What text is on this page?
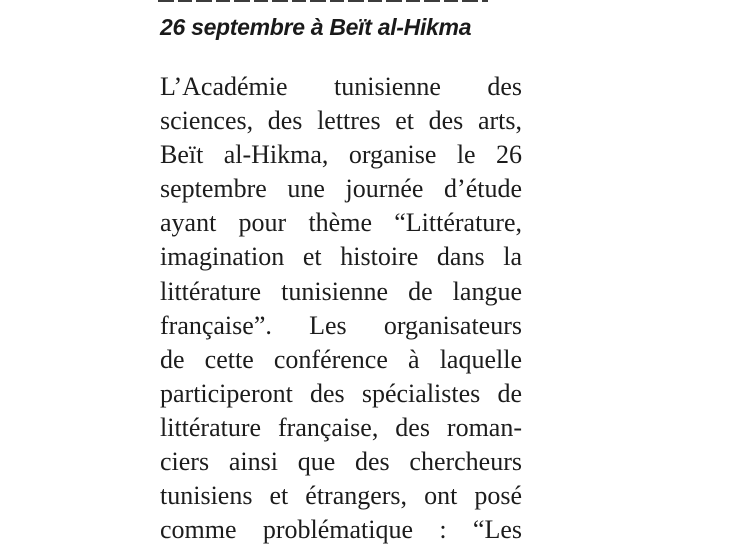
26 septembre à Beït al-Hikma
L’Académie tunisienne des
sciences, des lettres et des arts,
Beït al-Hikma, organise le 26
septembre une journée d’étude
ayant pour thème “Littérature,
imagination et histoire dans la
littérature tunisienne de langue
française”. Les organisateurs
de cette conférence à laquelle
participeront des spécialistes de
littérature française, des roman-
ciers ainsi que des chercheurs
tunisiens et étrangers, ont posé
comme problématique : “Les
